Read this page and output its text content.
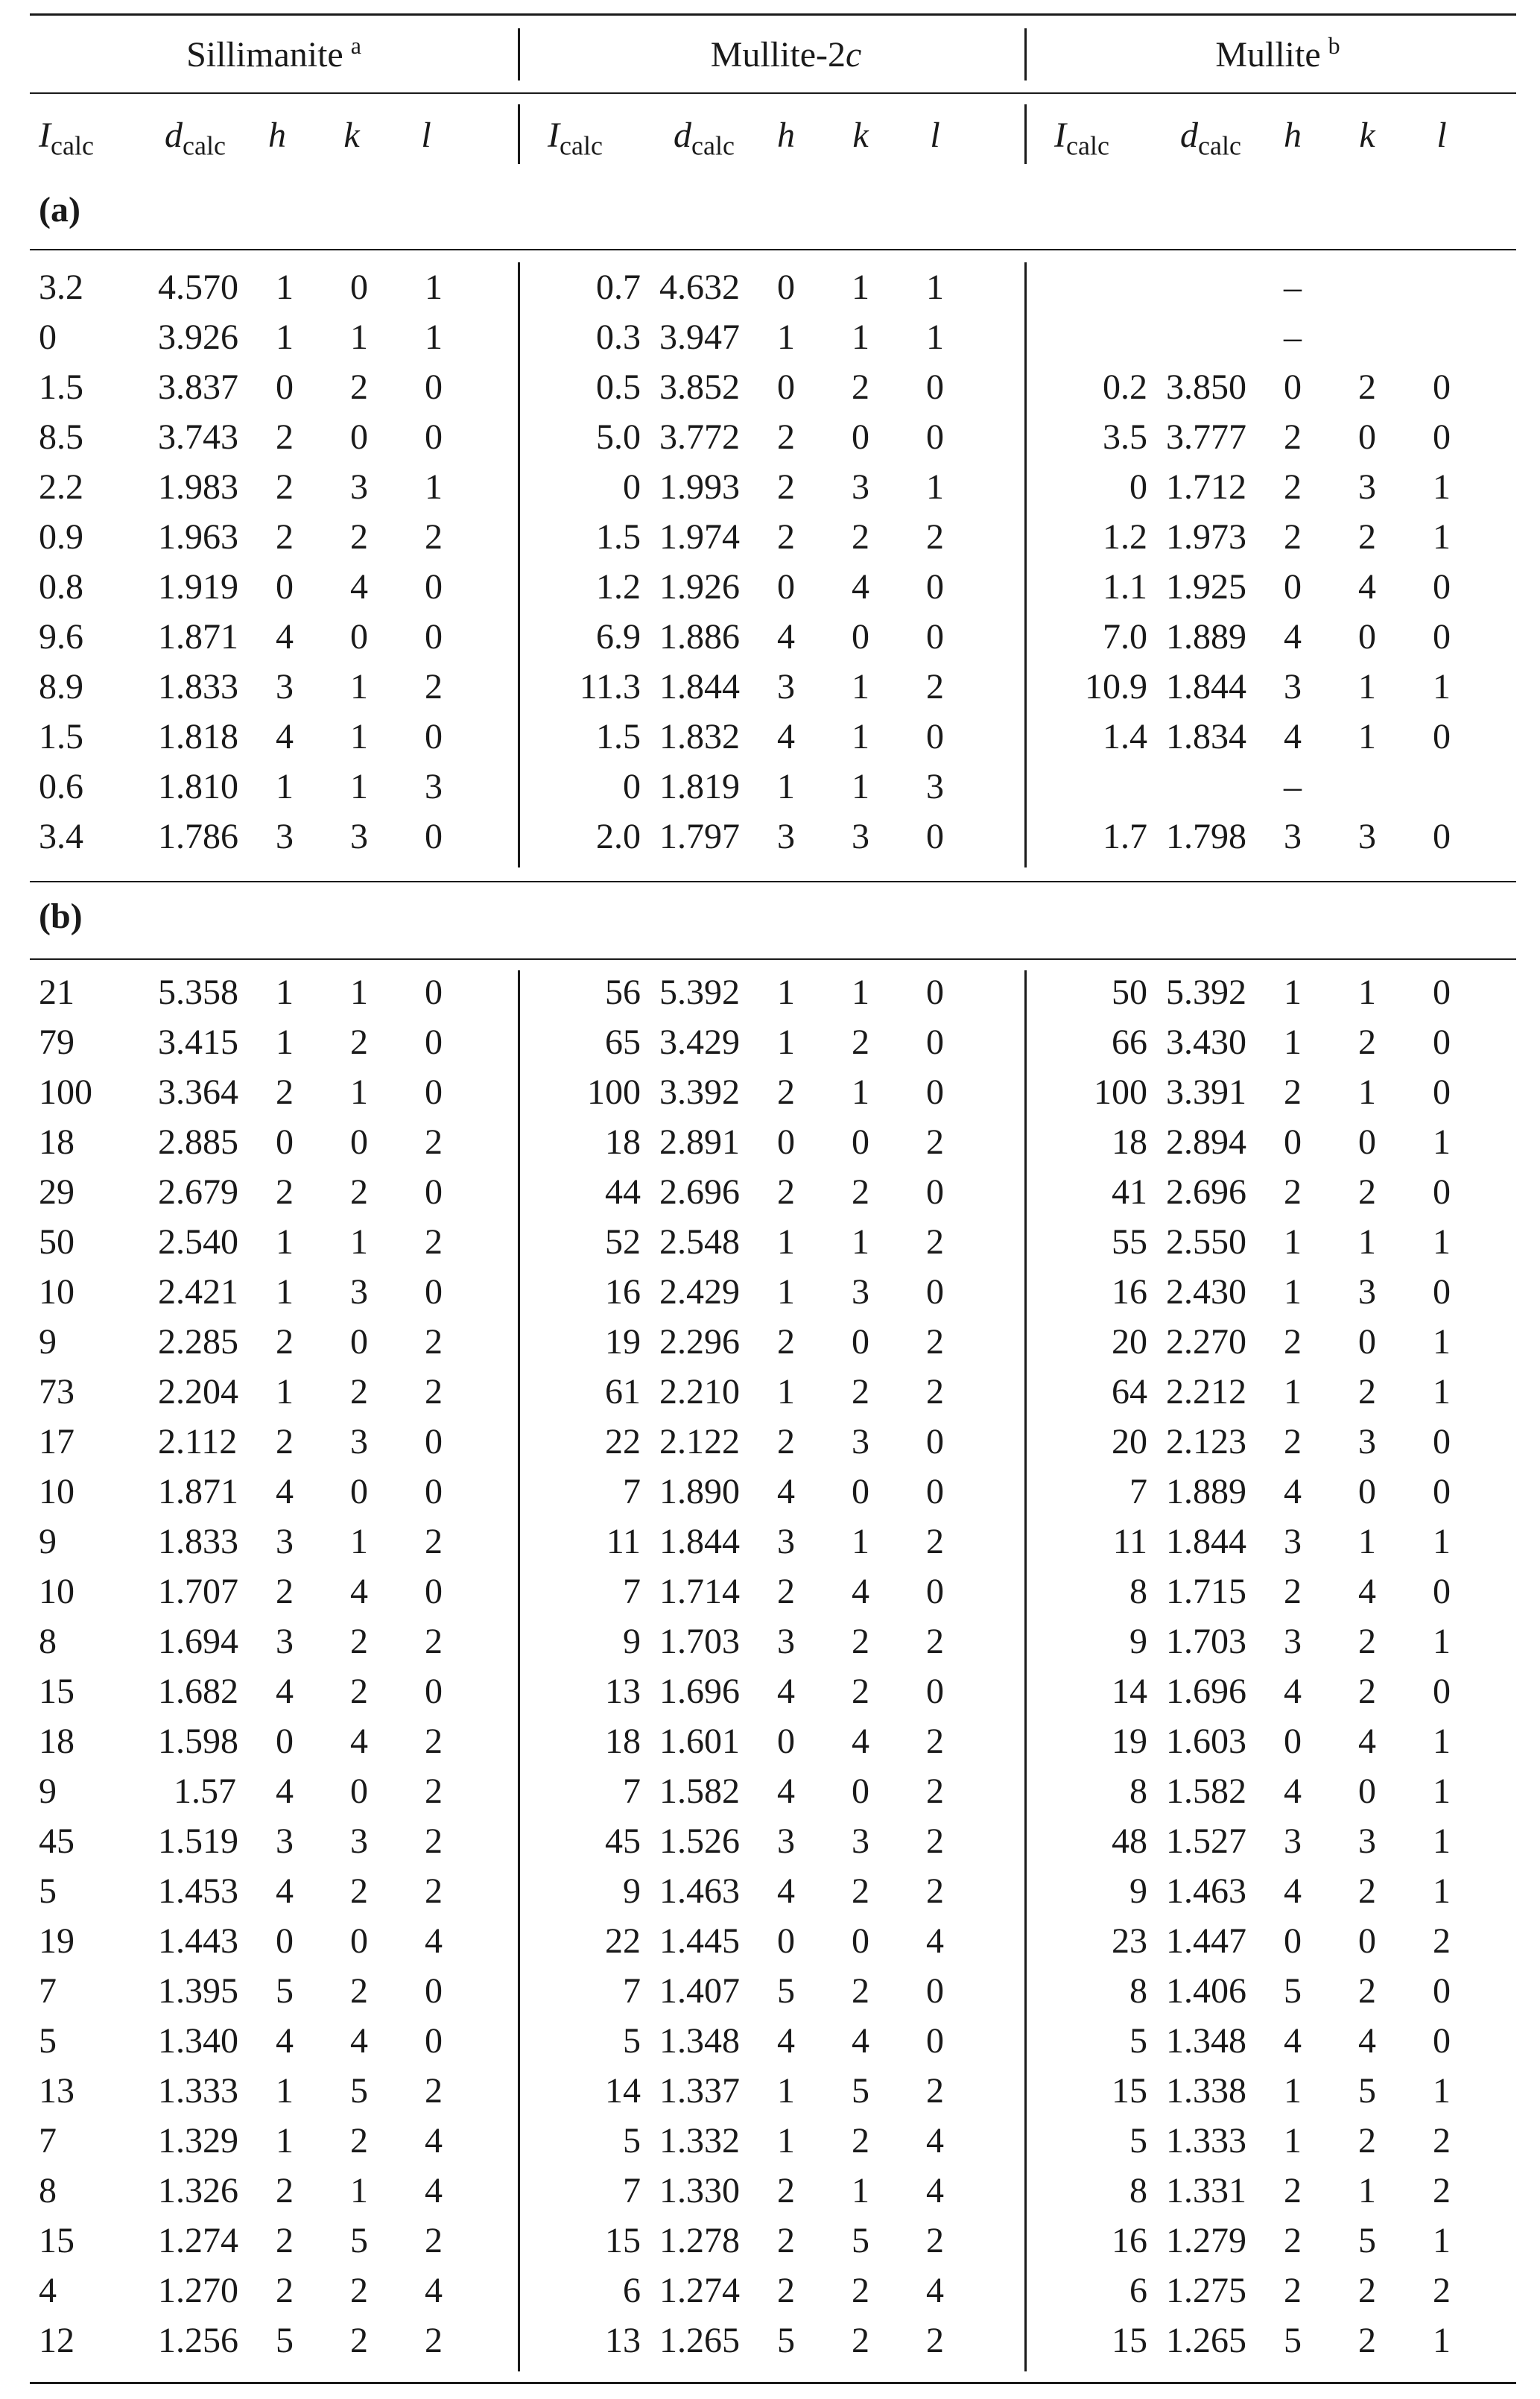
Sillimanite $^a$	Mullite-2c	Mullite $^b$
$I_{calc}$	$d_{calc}$	h	k	l	$I_{calc}$	$d_{calc}$	h	k	l	$I_{calc}$	$d_{calc}$	h	k	l
(a)
3.2	4.570 1 0 1	0.7 4.632 0 1 1	–
0	3.926 1 1 1	0.3 3.947 1 1 1	–
1.5	3.837 0 2 0	0.5 3.852 0 2 0	0.2 3.850 0 2 0
8.5	3.743 2 0 0	5.0 3.772 2 0 0	3.5 3.777 2 0 0
2.2	1.983 2 3 1	0 1.993 2 3 1	0 1.712 2 3 1
0.9	1.963 2 2 2	1.5 1.974 2 2 2	1.2 1.973 2 2 1
0.8	1.919 0 4 0	1.2 1.926 0 4 0	1.1 1.925 0 4 0
9.6	1.871 4 0 0	6.9 1.886 4 0 0	7.0 1.889 4 0 0
8.9	1.833 3 1 2	11.3 1.844 3 1 2	10.9 1.844 3 1 1
1.5	1.818 4 1 0	1.5 1.832 4 1 0	1.4 1.834 4 1 0
0.6	1.810 1 1 3	0 1.819 1 1 3	–
3.4	1.786 3 3 0	2.0 1.797 3 3 0	1.7 1.798 3 3 0
(b)
21	5.358 1 1 0	56 5.392 1 1 0	50 5.392 1 1 0
79	3.415 1 2 0	65 3.429 1 2 0	66 3.430 1 2 0
100	3.364 2 1 0	100 3.392 2 1 0	100 3.391 2 1 0
18	2.885 0 0 2	18 2.891 0 0 2	18 2.894 0 0 1
29	2.679 2 2 0	44 2.696 2 2 0	41 2.696 2 2 0
50	2.540 1 1 2	52 2.548 1 1 2	55 2.550 1 1 1
10	2.421 1 3 0	16 2.429 1 3 0	16 2.430 1 3 0
9	2.285 2 0 2	19 2.296 2 0 2	20 2.270 2 0 1
73	2.204 1 2 2	61 2.210 1 2 2	64 2.212 1 2 1
17	2.112 2 3 0	22 2.122 2 3 0	20 2.123 2 3 0
10	1.871 4 0 0	7 1.890 4 0 0	7 1.889 4 0 0
9	1.833 3 1 2	11 1.844 3 1 2	11 1.844 3 1 1
10	1.707 2 4 0	7 1.714 2 4 0	8 1.715 2 4 0
8	1.694 3 2 2	9 1.703 3 2 2	9 1.703 3 2 1
15	1.682 4 2 0	13 1.696 4 2 0	14 1.696 4 2 0
18	1.598 0 4 2	18 1.601 0 4 2	19 1.603 0 4 1
9	1.57 4 0 2	7 1.582 4 0 2	8 1.582 4 0 1
45	1.519 3 3 2	45 1.526 3 3 2	48 1.527 3 3 1
5	1.453 4 2 2	9 1.463 4 2 2	9 1.463 4 2 1
19	1.443 0 0 4	22 1.445 0 0 4	23 1.447 0 0 2
7	1.395 5 2 0	7 1.407 5 2 0	8 1.406 5 2 0
5	1.340 4 4 0	5 1.348 4 4 0	5 1.348 4 4 0
13	1.333 1 5 2	14 1.337 1 5 2	15 1.338 1 5 1
7	1.329 1 2 4	5 1.332 1 2 4	5 1.333 1 2 2
8	1.326 2 1 4	7 1.330 2 1 4	8 1.331 2 1 2
15	1.274 2 5 2	15 1.278 2 5 2	16 1.279 2 5 1
4	1.270 2 2 4	6 1.274 2 2 4	6 1.275 2 2 2
12	1.256 5 2 2	13 1.265 5 2 2	15 1.265 5 2 1
